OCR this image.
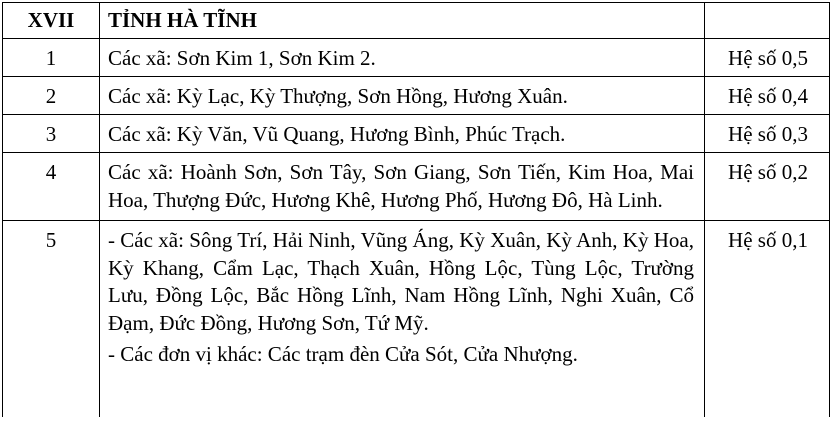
XVII	TỈNH HÀ TĨNH	
1	Các xã: Sơn Kim 1, Sơn Kim 2.	Hệ số 0,5
2	Các xã: Kỳ Lạc, Kỳ Thượng, Sơn Hồng, Hương Xuân.	Hệ số 0,4
3	Các xã: Kỳ Văn, Vũ Quang, Hương Bình, Phúc Trạch.	Hệ số 0,3
4	Các xã: Hoành Sơn, Sơn Tây, Sơn Giang, Sơn Tiến, Kim Hoa, Mai Hoa, Thượng Đức, Hương Khê, Hương Phố, Hương Đô, Hà Linh.	Hệ số 0,2
5	- Các xã: Sông Trí, Hải Ninh, Vũng Áng, Kỳ Xuân, Kỳ Anh, Kỳ Hoa, Kỳ Khang, Cẩm Lạc, Thạch Xuân, Hồng Lộc, Tùng Lộc, Trường Lưu, Đồng Lộc, Bắc Hồng Lĩnh, Nam Hồng Lĩnh, Nghi Xuân, Cổ Đạm, Đức Đồng, Hương Sơn, Tứ Mỹ.
- Các đơn vị khác: Các trạm đèn Cửa Sót, Cửa Nhượng.	Hệ số 0,1
